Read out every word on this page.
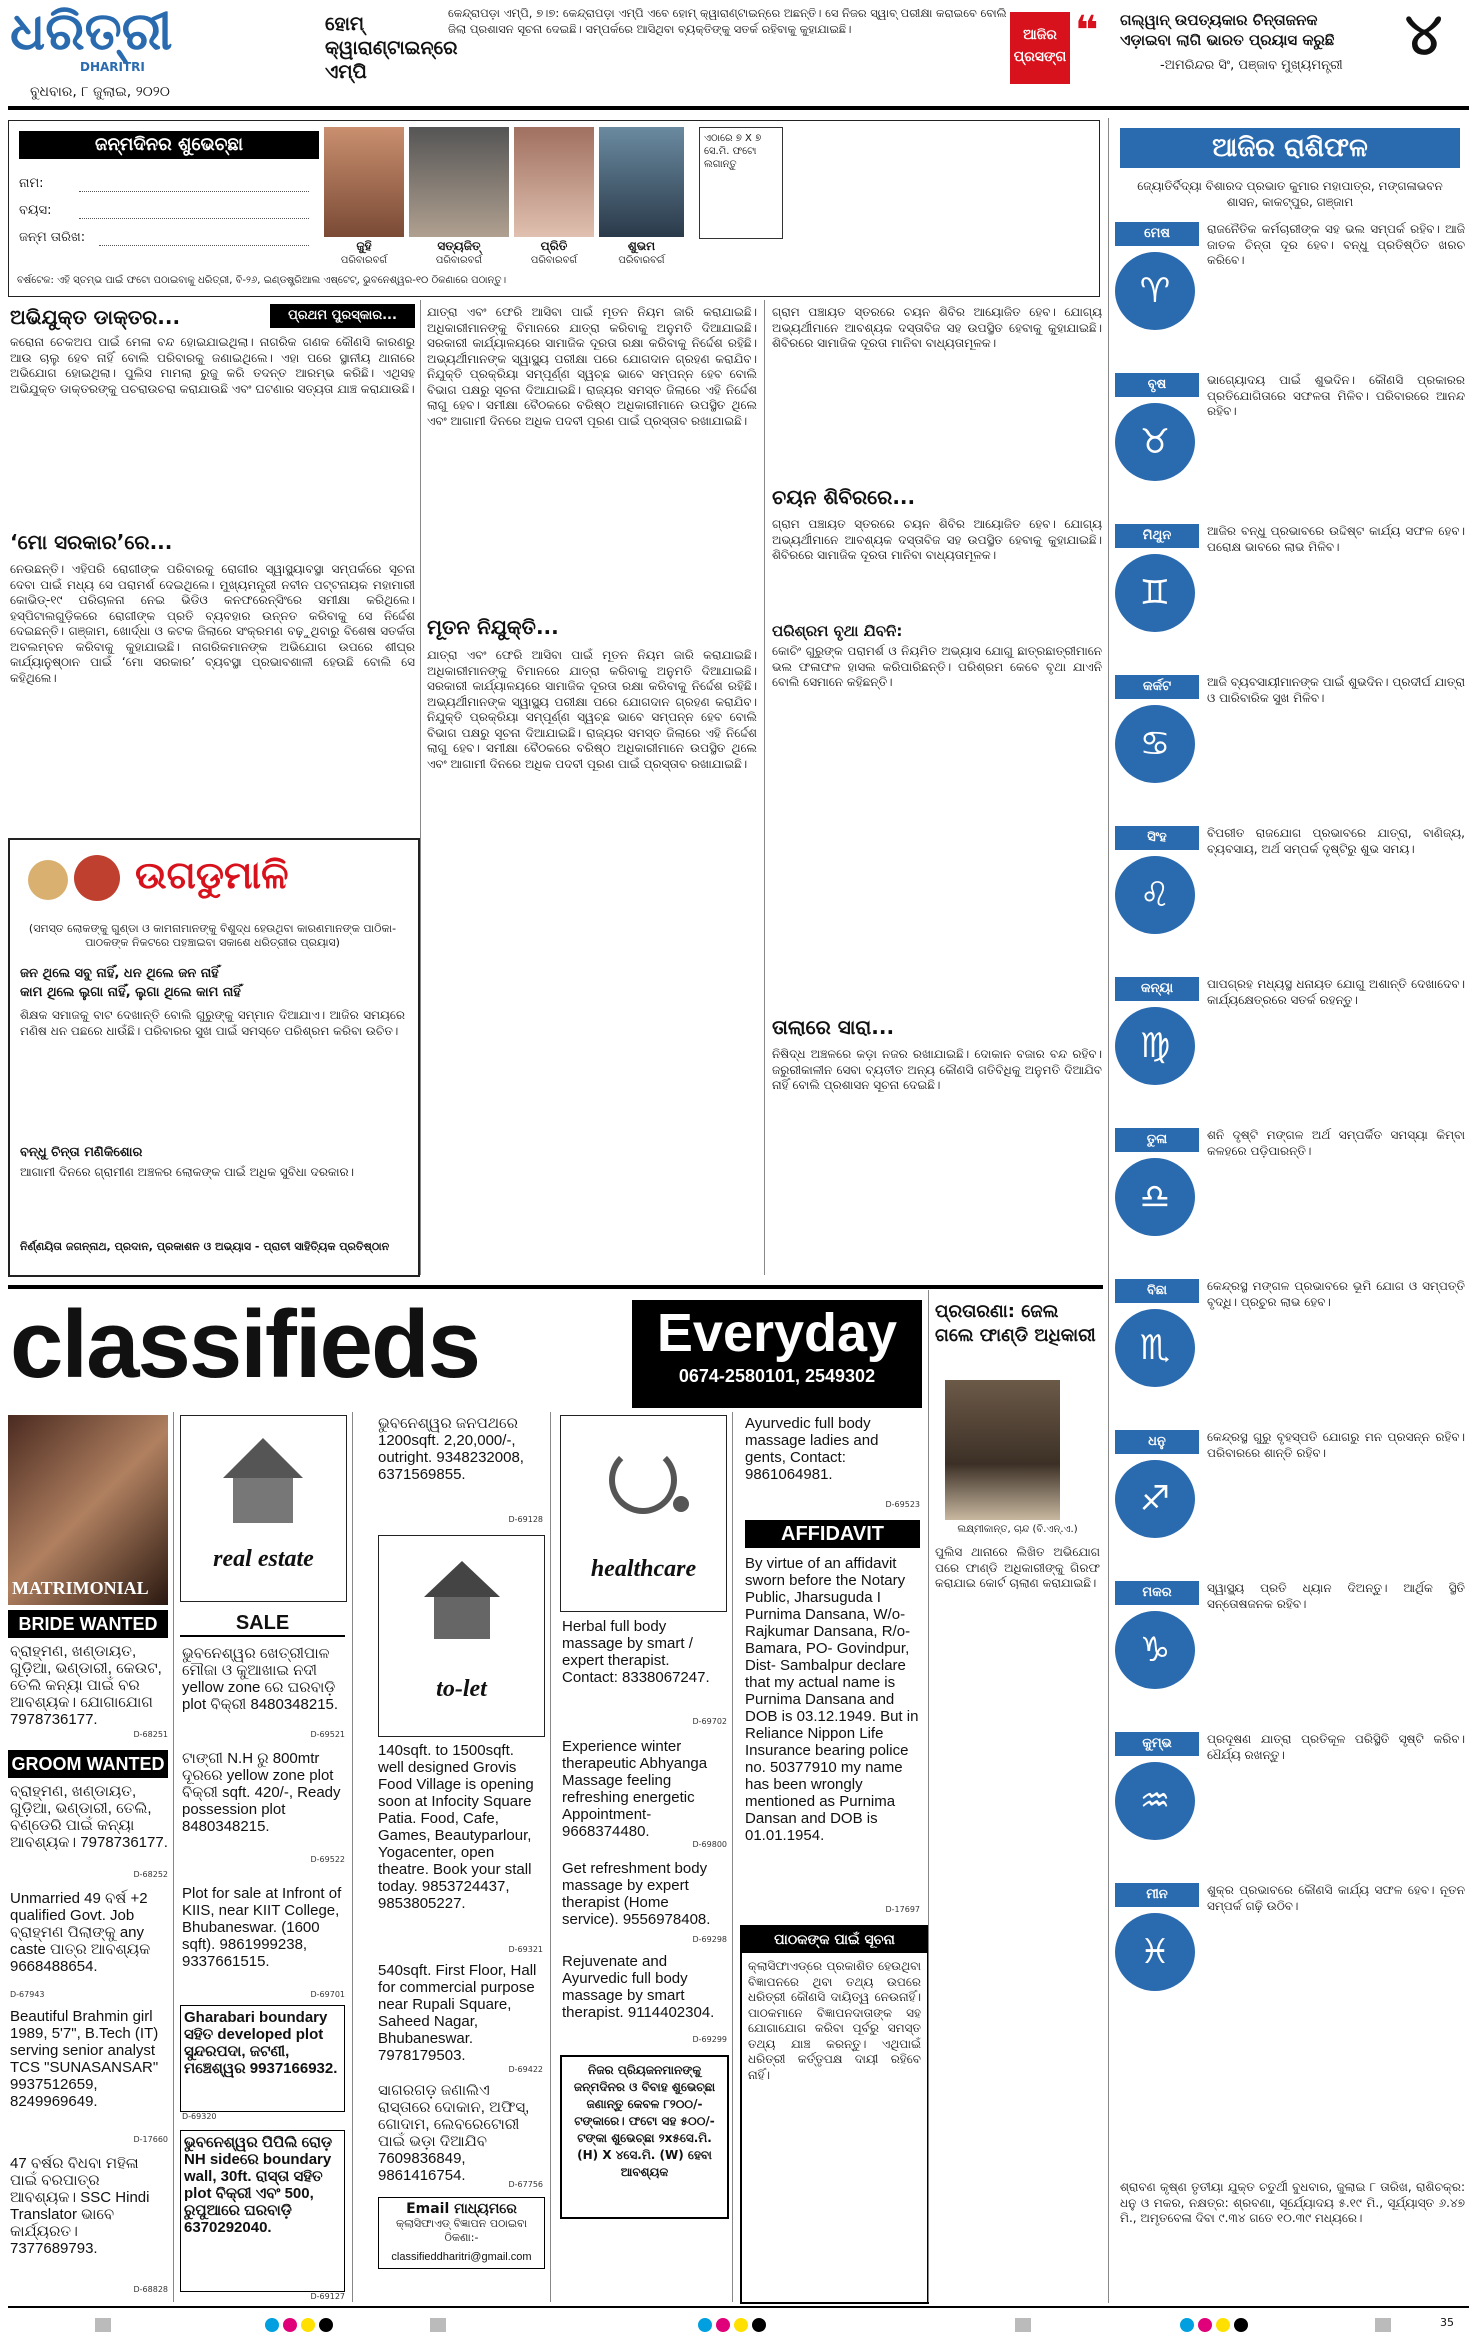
ଧରିତ୍ରୀ
DHARITRI
ବୁଧବାର, ୮ ଜୁଲାଇ, ୨୦୨୦
ହୋମ୍ କ୍ୱାରାଣ୍ଟାଇନ୍‌ରେ ଏମ୍‌ପି
କେନ୍ଦ୍ରାପଡ଼ା ଏମ୍‌ପି, ୭।୭: କେନ୍ଦ୍ରାପଡ଼ା ଏମ୍‌ପି ଏବେ ହୋମ୍ କ୍ୱାରାଣ୍ଟାଇନ୍‌ରେ ଅଛନ୍ତି। ସେ ନିଜର ସ୍ୱାବ୍ ପରୀକ୍ଷା କରାଇବେ ବୋଲି ଜିଲା ପ୍ରଶାସନ ସୂଚନା ଦେଇଛି। ସମ୍ପର୍କରେ ଆସିଥିବା ବ୍ୟକ୍ତିଙ୍କୁ ସତର୍କ ରହିବାକୁ କୁହାଯାଇଛି।	ଆଜିର ପ୍ରସଙ୍ଗ
❝ ଗଲ୍ୱାନ୍ ଉପତ୍ୟକାର ଚିନ୍ତାଜନକ ଏଡ଼ାଇବା ଲାଗି ଭାରତ ପ୍ରୟାସ କରୁଛି
-ଅମରିନ୍ଦର ସିଂ, ପଞ୍ଜାବ ମୁଖ୍ୟମନ୍ତ୍ରୀ	୪
ଜନ୍ମଦିନର ଶୁଭେଚ୍ଛା
ନାମ:
ବୟସ:
ଜନ୍ମ ତାରିଖ:
ଜୁହି
ପରିବାରବର୍ଗ
ସତ୍ୟଜିତ୍
ପରିବାରବର୍ଗ
ପ୍ରିତି
ପରିବାରବର୍ଗ
ଶୁଭମ
ପରିବାରବର୍ଗ
ଏଠାରେ ୭ X ୭ ସେ.ମି. ଫଟୋ ଲଗାନ୍ତୁ
ବର୍ଷଟେକ: ଏହି ସ୍ତମ୍ଭ ପାଇଁ ଫଟୋ ପଠାଇବାକୁ ଧରିତ୍ରୀ, ବି-୨୬, ଇଣ୍ଡଷ୍ଟ୍ରିଆଲ ଏଷ୍ଟେଟ୍, ଭୁବନେଶ୍ୱର-୧୦ ଠିକଣାରେ ପଠାନ୍ତୁ।
ଆଜିର ରାଶିଫଳ
ଜ୍ୟୋତିର୍ବିଦ୍ୟା ବିଶାରଦ ପ୍ରଭାତ କୁମାର ମହାପାତ୍ର, ମଙ୍ଗଳାଭବନ ଶାସନ, କାକଟ୍ପୁର, ଗଞ୍ଜାମ
ମେଷ
♈
ରାଜନୈତିକ କର୍ମଚାରୀଙ୍କ ସହ ଭଲ ସମ୍ପର୍କ ରହିବ। ଆଜି ଜାତକ ଚିନ୍ତା ଦୂର ହେବ। ବନ୍ଧୁ ପ୍ରତିଷ୍ଠିତ ଖରଚ କରିବେ।
ବୃଷ
♉
ଭାଗ୍ୟୋଦୟ ପାଇଁ ଶୁଭଦିନ। କୌଣସି ପ୍ରକାରର ପ୍ରତିଯୋଗିତାରେ ସଫଳତା ମିଳିବ। ପରିବାରରେ ଆନନ୍ଦ ରହିବ।
ମିଥୁନ
♊
ଆଜିର ବନ୍ଧୁ ପ୍ରଭାବରେ ଉଦ୍ଦିଷ୍ଟ କାର୍ଯ୍ୟ ସଫଳ ହେବ। ପରୋକ୍ଷ ଭାବରେ ଲାଭ ମିଳିବ।
କର୍କଟ
♋
ଆଜି ବ୍ୟବସାୟୀମାନଙ୍କ ପାଇଁ ଶୁଭଦିନ। ପ୍ରଦୀର୍ଘ ଯାତ୍ରା ଓ ପାରିବାରିକ ସୁଖ ମିଳିବ।
ସିଂହ
♌
ବିପରୀତ ରାଜଯୋଗ ପ୍ରଭାବରେ ଯାତ୍ରା, ବାଣିଜ୍ୟ, ବ୍ୟବସାୟ, ଅର୍ଥ ସମ୍ପର୍କ ଦୃଷ୍ଟିରୁ ଶୁଭ ସମୟ।
କନ୍ୟା
♍
ପାପଗ୍ରହ ମଧ୍ୟସ୍ଥ ଧନାୟତ ଯୋଗୁ ଅଶାନ୍ତି ଦେଖାଦେବ। କାର୍ଯ୍ୟକ୍ଷେତ୍ରରେ ସତର୍କ ରହନ୍ତୁ।
ତୁଳା
♎
ଶନି ଦୃଷ୍ଟି ମଙ୍ଗଳ ଅର୍ଥ ସମ୍ପର୍କିତ ସମସ୍ୟା କିମ୍ବା କଳହରେ ପଡ଼ିପାରନ୍ତି।
ବିଛା
♏
କେନ୍ଦ୍ରସ୍ଥ ମଙ୍ଗଳ ପ୍ରଭାବରେ ଭୂମି ଯୋଗ ଓ ସମ୍ପତ୍ତି ବୃଦ୍ଧି। ପ୍ରଚୁର ଲାଭ ହେବ।
ଧନୁ
♐
କେନ୍ଦ୍ରସ୍ଥ ଗୁରୁ ବୃହସ୍ପତି ଯୋଗରୁ ମନ ପ୍ରସନ୍ନ ରହିବ। ପରିବାରରେ ଶାନ୍ତି ରହିବ।
ମକର
♑
ସ୍ୱାସ୍ଥ୍ୟ ପ୍ରତି ଧ୍ୟାନ ଦିଅନ୍ତୁ। ଆର୍ଥିକ ସ୍ଥିତି ସନ୍ତୋଷଜନକ ରହିବ।
କୁମ୍ଭ
♒
ପ୍ରଦୂଷଣ ଯାତ୍ରା ପ୍ରତିକୂଳ ପରିସ୍ଥିତି ସୃଷ୍ଟି କରିବ। ଧୈର୍ଯ୍ୟ ରଖନ୍ତୁ।
ମୀନ
♓
ଶୁକ୍ର ପ୍ରଭାବରେ କୌଣସି କାର୍ଯ୍ୟ ସଫଳ ହେବ। ନୂତନ ସମ୍ପର୍କ ଗଢ଼ି ଉଠିବ।
ଶ୍ରାବଣ କୃଷ୍ଣ ତୃତୀୟା ଯୁକ୍ତ ଚତୁର୍ଥୀ ବୁଧବାର, ଜୁଲାଇ ୮ ତାରିଖ, ରାଶିଚକ୍ର: ଧନୁ ଓ ମକର, ନକ୍ଷତ୍ର: ଶ୍ରବଣା, ସୂର୍ଯ୍ୟୋଦୟ ୫.୧୯ ମି., ସୂର୍ଯ୍ୟାସ୍ତ ୬.୪୭ ମି., ଅମୃତବେଳା ଦିବା ୯.୩୪ ଗତେ ୧୦.୩୯ ମଧ୍ୟରେ।
ପ୍ରଥମ ପୁରସ୍କାର...
ଅଭିଯୁକ୍ତ ଡାକ୍ତର...
କରୋନା ଚେକଅପ ପାଇଁ ମେଳା ବନ୍ଦ ହୋଇଯାଇଥିଲା। ନାଗରିକ ଗଣକ କୌଣସି କାରଣରୁ ଆଉ ଚାଲୁ ହେବ ନାହିଁ ବୋଲି ପରିବାରକୁ ଜଣାଇଥିଲେ। ଏହା ପରେ ସ୍ଥାନୀୟ ଥାନାରେ ଅଭିଯୋଗ ହୋଇଥିଲା। ପୁଲିସ ମାମଲା ରୁଜୁ କରି ତଦନ୍ତ ଆରମ୍ଭ କରିଛି। ଏଥିସହ ଅଭିଯୁକ୍ତ ଡାକ୍ତରଙ୍କୁ ପଚରାଉଚରା କରାଯାଉଛି ଏବଂ ଘଟଣାର ସତ୍ୟତା ଯାଞ୍ଚ କରାଯାଉଛି।
‘ମୋ ସରକାର’ରେ...
ନେଉଛନ୍ତି। ଏହିପରି ରୋଗୀଙ୍କ ପରିବାରକୁ ରୋଗୀର ସ୍ୱାସ୍ଥ୍ୟାବସ୍ଥା ସମ୍ପର୍କରେ ସୂଚନା ଦେବା ପାଇଁ ମଧ୍ୟ ସେ ପରାମର୍ଶ ଦେଇଥିଲେ। ମୁଖ୍ୟମନ୍ତ୍ରୀ ନବୀନ ପଟ୍ଟନାୟକ ମହାମାରୀ କୋଭିଡ୍-୧୯ ପରିଚାଳନା ନେଇ ଭିଡିଓ କନଫରେନ୍ସିଂରେ ସମୀକ୍ଷା କରିଥିଲେ। ହସ୍ପିଟାଲଗୁଡ଼ିକରେ ରୋଗୀଙ୍କ ପ୍ରତି ବ୍ୟବହାର ଉନ୍ନତ କରିବାକୁ ସେ ନିର୍ଦ୍ଦେଶ ଦେଇଛନ୍ତି। ଗଞ୍ଜାମ, ଖୋର୍ଦ୍ଧା ଓ କଟକ ଜିଲାରେ ସଂକ୍ରମଣ ବଢ଼ୁଥିବାରୁ ବିଶେଷ ସତର୍କତା ଅବଲମ୍ବନ କରିବାକୁ କୁହାଯାଇଛି। ନାଗରିକମାନଙ୍କ ଅଭିଯୋଗ ଉପରେ ଶୀଘ୍ର କାର୍ଯ୍ୟାନୁଷ୍ଠାନ ପାଇଁ ‘ମୋ ସରକାର’ ବ୍ୟବସ୍ଥା ପ୍ରଭାବଶାଳୀ ହେଉଛି ବୋଲି ସେ କହିଥିଲେ।
ଉଗଡୁମାଳି
(ସମସ୍ତ ଲୋକଙ୍କୁ ଗୁଣ୍ଡା ଓ କାମନାମାନଙ୍କୁ ବିଶୁଦ୍ଧ ହେଉଥିବା କାରଣମାନଙ୍କ ପାଠିକା-ପାଠକଙ୍କ ନିକଟରେ ପହଞ୍ଚାଇବା ସକାଶେ ଧରିତ୍ରୀର ପ୍ରୟାସ)
ଜନ ଥିଲେ ସବୁ ନାହିଁ, ଧନ ଥିଲେ ଜନ ନାହିଁ
କାମ ଥିଲେ ଲୁଗା ନାହିଁ, ଲୁଗା ଥିଲେ କାମ ନାହିଁ
ଶିକ୍ଷକ ସମାଜକୁ ବାଟ ଦେଖାନ୍ତି ବୋଲି ଗୁରୁଙ୍କୁ ସମ୍ମାନ ଦିଆଯାଏ। ଆଜିର ସମୟରେ ମଣିଷ ଧନ ପଛରେ ଧାଉଁଛି। ପରିବାରର ସୁଖ ପାଇଁ ସମସ୍ତେ ପରିଶ୍ରମ କରିବା ଉଚିତ।
ବନ୍ଧୁ ଚିନ୍ତା ମଣିକିଶୋର
ଆଗାମୀ ଦିନରେ ଗ୍ରାମୀଣ ଅଞ୍ଚଳର ଲୋକଙ୍କ ପାଇଁ ଅଧିକ ସୁବିଧା ଦରକାର।
ନିର୍ଣ୍ଣୟିତା ଜଗନ୍ନାଥ, ପ୍ରଦାନ, ପ୍ରକାଶନ ଓ ଅଭ୍ୟାସ - ପ୍ରାଚୀ ସାହିତ୍ୟିକ ପ୍ରତିଷ୍ଠାନ
ଯାତ୍ରା ଏବଂ ଫେରି ଆସିବା ପାଇଁ ମୂତନ ନିୟମ ଜାରି କରାଯାଇଛି। ଅଧିକାରୀମାନଙ୍କୁ ବିମାନରେ ଯାତ୍ରା କରିବାକୁ ଅନୁମତି ଦିଆଯାଇଛି। ସରକାରୀ କାର୍ଯ୍ୟାଳୟରେ ସାମାଜିକ ଦୂରତା ରକ୍ଷା କରିବାକୁ ନିର୍ଦ୍ଦେଶ ରହିଛି। ଅଭ୍ୟର୍ଥୀମାନଙ୍କ ସ୍ୱାସ୍ଥ୍ୟ ପରୀକ୍ଷା ପରେ ଯୋଗଦାନ ଗ୍ରହଣ କରାଯିବ। ନିଯୁକ୍ତି ପ୍ରକ୍ରିୟା ସମ୍ପୂର୍ଣ୍ଣ ସ୍ୱଚ୍ଛ ଭାବେ ସମ୍ପନ୍ନ ହେବ ବୋଲି ବିଭାଗ ପକ୍ଷରୁ ସୂଚନା ଦିଆଯାଇଛି। ରାଜ୍ୟର ସମସ୍ତ ଜିଲାରେ ଏହି ନିର୍ଦ୍ଦେଶ ଲାଗୁ ହେବ। ସମୀକ୍ଷା ବୈଠକରେ ବରିଷ୍ଠ ଅଧିକାରୀମାନେ ଉପସ୍ଥିତ ଥିଲେ ଏବଂ ଆଗାମୀ ଦିନରେ ଅଧିକ ପଦବୀ ପୂରଣ ପାଇଁ ପ୍ରସ୍ତାବ ରଖାଯାଇଛି।
ମୂତନ ନିଯୁକ୍ତି...
ଯାତ୍ରା ଏବଂ ଫେରି ଆସିବା ପାଇଁ ମୂତନ ନିୟମ ଜାରି କରାଯାଇଛି। ଅଧିକାରୀମାନଙ୍କୁ ବିମାନରେ ଯାତ୍ରା କରିବାକୁ ଅନୁମତି ଦିଆଯାଇଛି। ସରକାରୀ କାର୍ଯ୍ୟାଳୟରେ ସାମାଜିକ ଦୂରତା ରକ୍ଷା କରିବାକୁ ନିର୍ଦ୍ଦେଶ ରହିଛି। ଅଭ୍ୟର୍ଥୀମାନଙ୍କ ସ୍ୱାସ୍ଥ୍ୟ ପରୀକ୍ଷା ପରେ ଯୋଗଦାନ ଗ୍ରହଣ କରାଯିବ। ନିଯୁକ୍ତି ପ୍ରକ୍ରିୟା ସମ୍ପୂର୍ଣ୍ଣ ସ୍ୱଚ୍ଛ ଭାବେ ସମ୍ପନ୍ନ ହେବ ବୋଲି ବିଭାଗ ପକ୍ଷରୁ ସୂଚନା ଦିଆଯାଇଛି। ରାଜ୍ୟର ସମସ୍ତ ଜିଲାରେ ଏହି ନିର୍ଦ୍ଦେଶ ଲାଗୁ ହେବ। ସମୀକ୍ଷା ବୈଠକରେ ବରିଷ୍ଠ ଅଧିକାରୀମାନେ ଉପସ୍ଥିତ ଥିଲେ ଏବଂ ଆଗାମୀ ଦିନରେ ଅଧିକ ପଦବୀ ପୂରଣ ପାଇଁ ପ୍ରସ୍ତାବ ରଖାଯାଇଛି।
ଗ୍ରାମ ପଞ୍ଚାୟତ ସ୍ତରରେ ଚୟନ ଶିବିର ଆୟୋଜିତ ହେବ। ଯୋଗ୍ୟ ଅଭ୍ୟର୍ଥୀମାନେ ଆବଶ୍ୟକ ଦସ୍ତାବିଜ ସହ ଉପସ୍ଥିତ ହେବାକୁ କୁହାଯାଇଛି। ଶିବିରରେ ସାମାଜିକ ଦୂରତା ମାନିବା ବାଧ୍ୟତାମୂଳକ।
ଚୟନ ଶିବିରରେ...
ଗ୍ରାମ ପଞ୍ଚାୟତ ସ୍ତରରେ ଚୟନ ଶିବିର ଆୟୋଜିତ ହେବ। ଯୋଗ୍ୟ ଅଭ୍ୟର୍ଥୀମାନେ ଆବଶ୍ୟକ ଦସ୍ତାବିଜ ସହ ଉପସ୍ଥିତ ହେବାକୁ କୁହାଯାଇଛି। ଶିବିରରେ ସାମାଜିକ ଦୂରତା ମାନିବା ବାଧ୍ୟତାମୂଳକ।
ପରିଶ୍ରମ ବୃଥା ଯିବନି:
କୋଚିଂ ଗୁରୁଙ୍କ ପରାମର୍ଶ ଓ ନିୟମିତ ଅଭ୍ୟାସ ଯୋଗୁ ଛାତ୍ରଛାତ୍ରୀମାନେ ଭଲ ଫଳାଫଳ ହାସଲ କରିପାରିଛନ୍ତି। ପରିଶ୍ରମ କେବେ ବୃଥା ଯାଏନି ବୋଲି ସେମାନେ କହିଛନ୍ତି।
ତାଲାରେ ସାରା...
ନିଷିଦ୍ଧ ଅଞ୍ଚଳରେ କଡ଼ା ନଜର ରଖାଯାଇଛି। ଦୋକାନ ବଜାର ବନ୍ଦ ରହିବ। ଜରୁରୀକାଳୀନ ସେବା ବ୍ୟତୀତ ଅନ୍ୟ କୌଣସି ଗତିବିଧିକୁ ଅନୁମତି ଦିଆଯିବ ନାହିଁ ବୋଲି ପ୍ରଶାସନ ସୂଚନା ଦେଇଛି।
classifieds	Everyday
0674-2580101, 2549302
ପ୍ରତାରଣା: ଜେଲ ଗଲେ ଫାଣ୍ଡି ଅଧିକାରୀ
ଲକ୍ଷ୍ମୀକାନ୍ତ, ଚାନ୍ଦ (ବି.ଏନ୍.ଏ.)
ପୁଲିସ ଥାନାରେ ଲିଖିତ ଅଭିଯୋଗ ପରେ ଫାଣ୍ଡି ଅଧିକାରୀଙ୍କୁ ଗିରଫ କରାଯାଇ କୋର୍ଟ ଚାଲାଣ କରାଯାଇଛି।
MATRIMONIAL
BRIDE WANTED
ବ୍ରାହ୍ମଣ, ଖଣ୍ଡାୟତ, ଗୁଡ଼ିଆ, ଭଣ୍ଡାରୀ, କେଉଟ, ତେଲି କନ୍ୟା ପାଇଁ ବର ଆବଶ୍ୟକ। ଯୋଗାଯୋଗ 7978736177.
D-68251
GROOM WANTED
ବ୍ରାହ୍ମଣ, ଖଣ୍ଡାୟତ, ଗୁଡ଼ିଆ, ଭଣ୍ଡାରୀ, ତେଲି, ବଣ୍ଡେରି ପାଇଁ କନ୍ୟା ଆବଶ୍ୟକ। 7978736177.
D-68252
Unmarried 49 ବର୍ଷ +2 qualified Govt. Job ବ୍ରାହ୍ମଣ ପିଲାଙ୍କୁ any caste ପାତ୍ର ଆବଶ୍ୟକ 9668488654.
D-67943
Beautiful Brahmin girl 1989, 5'7", B.Tech (IT) serving senior analyst TCS "SUNASANSAR" 9937512659, 8249969649.
D-17660
47 ବର୍ଷର ବିଧବା ମହିଳା ପାଇଁ ବରପାତ୍ର ଆବଶ୍ୟକ। SSC Hindi Translator ଭାବେ କାର୍ଯ୍ୟରତ। 7377689793.
D-68828
real estate
SALE
ଭୁବନେଶ୍ୱର ଖେତ୍ରୀପାଳ ମୌଜା ଓ କୁଆଖାଇ ନଦୀ yellow zone ରେ ଘରବାଡ଼ି plot ବିକ୍ରୀ 8480348215.
D-69521
ଟାଙ୍ଗୀ N.H ରୁ 800mtr ଦୂରରେ yellow zone plot ବିକ୍ରୀ sqft. 420/-, Ready possession plot 8480348215.
D-69522
Plot for sale at Infront of KIIS, near KIIT College, Bhubaneswar. (1600 sqft). 9861999238, 9337661515.
D-69701
Gharabari boundary ସହିତ developed plot ସୁନ୍ଦରପଦା, ଜଟଣୀ, ମଞ୍ଚେଶ୍ୱର 9937166932.
D-69320
ଭୁବନେଶ୍ୱର ପିପିଲି ରୋଡ଼ NH sideରେ boundary wall, 30ft. ରାସ୍ତା ସହିତ plot ବିକ୍ରୀ ଏବଂ 500, ରୁପୁଆରେ ଘରବାଡ଼ି 6370292040.
D-69127
ଭୁବନେଶ୍ୱର ଜନପଥରେ 1200sqft. 2,20,000/-, outright. 9348232008, 6371569855.
D-69128
to-let
140sqft. to 1500sqft. well designed Grovis Food Village is opening soon at Infocity Square Patia. Food, Cafe, Games, Beautyparlour, Yogacenter, open theatre. Book your stall today. 9853724437, 9853805227.
D-69321
540sqft. First Floor, Hall for commercial purpose near Rupali Square, Saheed Nagar, Bhubaneswar. 7978179503.
D-69422
ସାଗରଗଡ଼ ଜଣାଲିଏ ରାସ୍ତାରେ ଦୋକାନ, ଅଫିସ୍, ଗୋଦାମ, ଲେବରେଟୋରୀ ପାଇଁ ଭଡ଼ା ଦିଆଯିବ 7609836849, 9861416754.
D-67756
Email ମାଧ୍ୟମରେ
କ୍ଲାସିଫାଏଡ୍ ବିଜ୍ଞାପନ ପଠାଇବା ଠିକଣା:-
classifieddharitri@gmail.com
healthcare
Herbal full body massage by smart / expert therapist. Contact: 8338067247.
D-69702
Experience winter therapeutic Abhyanga Massage feeling refreshing energetic Appointment- 9668374480.
D-69800
Get refreshment body massage by expert therapist (Home service). 9556978408.
D-69298
Rejuvenate and Ayurvedic full body massage by smart therapist. 9114402304.
D-69299
ନିଜର ପ୍ରିୟଜନମାନଙ୍କୁ ଜନ୍ମଦିନର ଓ ବିବାହ ଶୁଭେଚ୍ଛା ଜଣାନ୍ତୁ କେବଳ ୮୨୦୦/- ଟଙ୍କାରେ। ଫଟୋ ସହ ୫୦୦/- ଟଙ୍କା ଶୁଭେଚ୍ଛା ୨x୫ସେ.ମି. (H) X ୪ସେ.ମି. (W) ହେବା ଆବଶ୍ୟକ
Ayurvedic full body massage ladies and gents, Contact: 9861064981.
D-69523
AFFIDAVIT
By virtue of an affidavit sworn before the Notary Public, Jharsuguda I Purnima Dansana, W/o- Rajkumar Dansana, R/o- Bamara, PO- Govindpur, Dist- Sambalpur declare that my actual name is Purnima Dansana and DOB is 03.12.1949. But in Reliance Nippon Life Insurance bearing police no. 50377910 my name has been wrongly mentioned as Purnima Dansan and DOB is 01.01.1954.
D-17697
ପାଠକଙ୍କ ପାଇଁ ସୂଚନା
କ୍ଲାସିଫାଏଡ୍‌ରେ ପ୍ରକାଶିତ ହେଉଥିବା ବିଜ୍ଞାପନରେ ଥିବା ତଥ୍ୟ ଉପରେ ଧରିତ୍ରୀ କୌଣସି ଦାୟିତ୍ୱ ନେଉନାହିଁ। ପାଠକମାନେ ବିଜ୍ଞାପନଦାତାଙ୍କ ସହ ଯୋଗାଯୋଗ କରିବା ପୂର୍ବରୁ ସମସ୍ତ ତଥ୍ୟ ଯାଞ୍ଚ କରନ୍ତୁ। ଏଥିପାଇଁ ଧରିତ୍ରୀ କର୍ତ୍ତୃପକ୍ଷ ଦାୟୀ ରହିବେ ନାହିଁ।
35
